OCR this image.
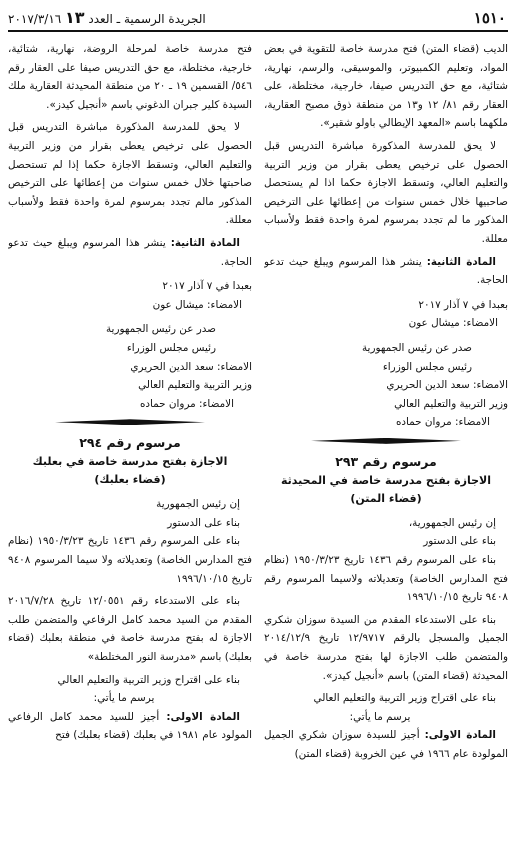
١٥١٠
الجريدة الرسمية ـ العدد ١٣ ٢٠١٧/٣/١٦
الديب (قضاء المتن) فتح مدرسة خاصة للتقوية في بعض المواد، وتعليم الكمبيوتر، والموسيقى، والرسم، نهارية، شتائية، مع حق التدريس صيفا، خارجية، مختلطة، على العقار رقم ٨١/ ١٢ و١٣ من منطقة ذوق مصبح العقارية، ملكهما باسم «المعهد الإيطالي باولو شقير».
لا يحق للمدرسة المذكورة مباشرة التدريس قبل الحصول على ترخيص يعطى بقرار من وزير التربية والتعليم العالي، وتسقط الاجازة حكما اذا لم يستحصل صاحبيها خلال خمس سنوات من إعطائها على الترخيص المذكور ما لم تجدد بمرسوم لمرة واحدة فقط ولأسباب معللة.
المادة الثانية: ينشر هذا المرسوم ويبلغ حيث تدعو الحاجة.
بعبدا في ٧ آذار ٢٠١٧
الامضاء: ميشال عون
صدر عن رئيس الجمهورية
رئيس مجلس الوزراء
الامضاء: سعد الدين الحريري
وزير التربية والتعليم العالي
الامضاء: مروان حماده
مرسوم رقم ٢٩٣
الاجازة بفتح مدرسة خاصة في المحيدثة
(قضاء المتن)
إن رئيس الجمهورية،
بناء على الدستور
بناء على المرسوم رقم ١٤٣٦ تاريخ ١٩٥٠/٣/٢٣ (نظام فتح المدارس الخاصة) وتعديلاته ولاسيما المرسوم رقم ٩٤٠٨ تاريخ ١٩٩٦/١٠/١٥
بناء على الاستدعاء المقدم من السيدة سوزان شكري الجميل والمسجل بالرقم ١٢/٩٧١٧ تاريخ ٢٠١٤/١٢/٩ والمتضمن طلب الاجازة لها بفتح مدرسة خاصة في المحيدثة (قضاء المتن) باسم «أنجيل كيدز».
بناء على اقتراح وزير التربية والتعليم العالي
يرسم ما يأتي:
المادة الاولى: أجيز للسيدة سوزان شكري الجميل المولودة عام ١٩٦٦ في عين الخروبة (قضاء المتن)
فتح مدرسة خاصة لمرحلة الروضة، نهارية، شتائية، خارجية، مختلطة، مع حق التدريس صيفا على العقار رقم ٥٤٦/ القسمين ١٩ ـ ٢٠ من منطقة المحيدثة العقارية ملك السيدة كلير جبران الدغوني باسم «أنجيل كيدز».
لا يحق للمدرسة المذكورة مباشرة التدريس قبل الحصول على ترخيص يعطى بقرار من وزير التربية والتعليم العالي، وتسقط الاجازة حكما إذا لم تستحصل صاحبتها خلال خمس سنوات من إعطائها على الترخيص المذكور مالم تجدد بمرسوم لمرة واحدة فقط ولأسباب معللة.
المادة الثانية: ينشر هذا المرسوم ويبلغ حيث تدعو الحاجة.
بعبدا في ٧ آذار ٢٠١٧
الامضاء: ميشال عون
صدر عن رئيس الجمهورية
رئيس مجلس الوزراء
الامضاء: سعد الدين الحريري
وزير التربية والتعليم العالي
الامضاء: مروان حماده
مرسوم رقم ٢٩٤
الاجازة بفتح مدرسة خاصة في بعلبك
(قضاء بعلبك)
إن رئيس الجمهورية
بناء على الدستور
بناء على المرسوم رقم ١٤٣٦ تاريخ ١٩٥٠/٣/٢٣ (نظام فتح المدارس الخاصة) وتعديلاته ولا سيما المرسوم ٩٤٠٨ تاريخ ١٩٩٦/١٠/١٥
بناء على الاستدعاء رقم ١٢/٠٥٥١ تاريخ ٢٠١٦/٧/٢٨ المقدم من السيد محمد كامل الرفاعي والمتضمن طلب الاجازة له بفتح مدرسة خاصة في منطقة بعلبك (قضاء بعلبك) باسم «مدرسة النور المختلطة»
بناء على اقتراح وزير التربية والتعليم العالي
يرسم ما يأتي:
المادة الاولى: أجيز للسيد محمد كامل الرفاعي المولود عام ١٩٨١ في بعلبك (قضاء بعلبك) فتح
